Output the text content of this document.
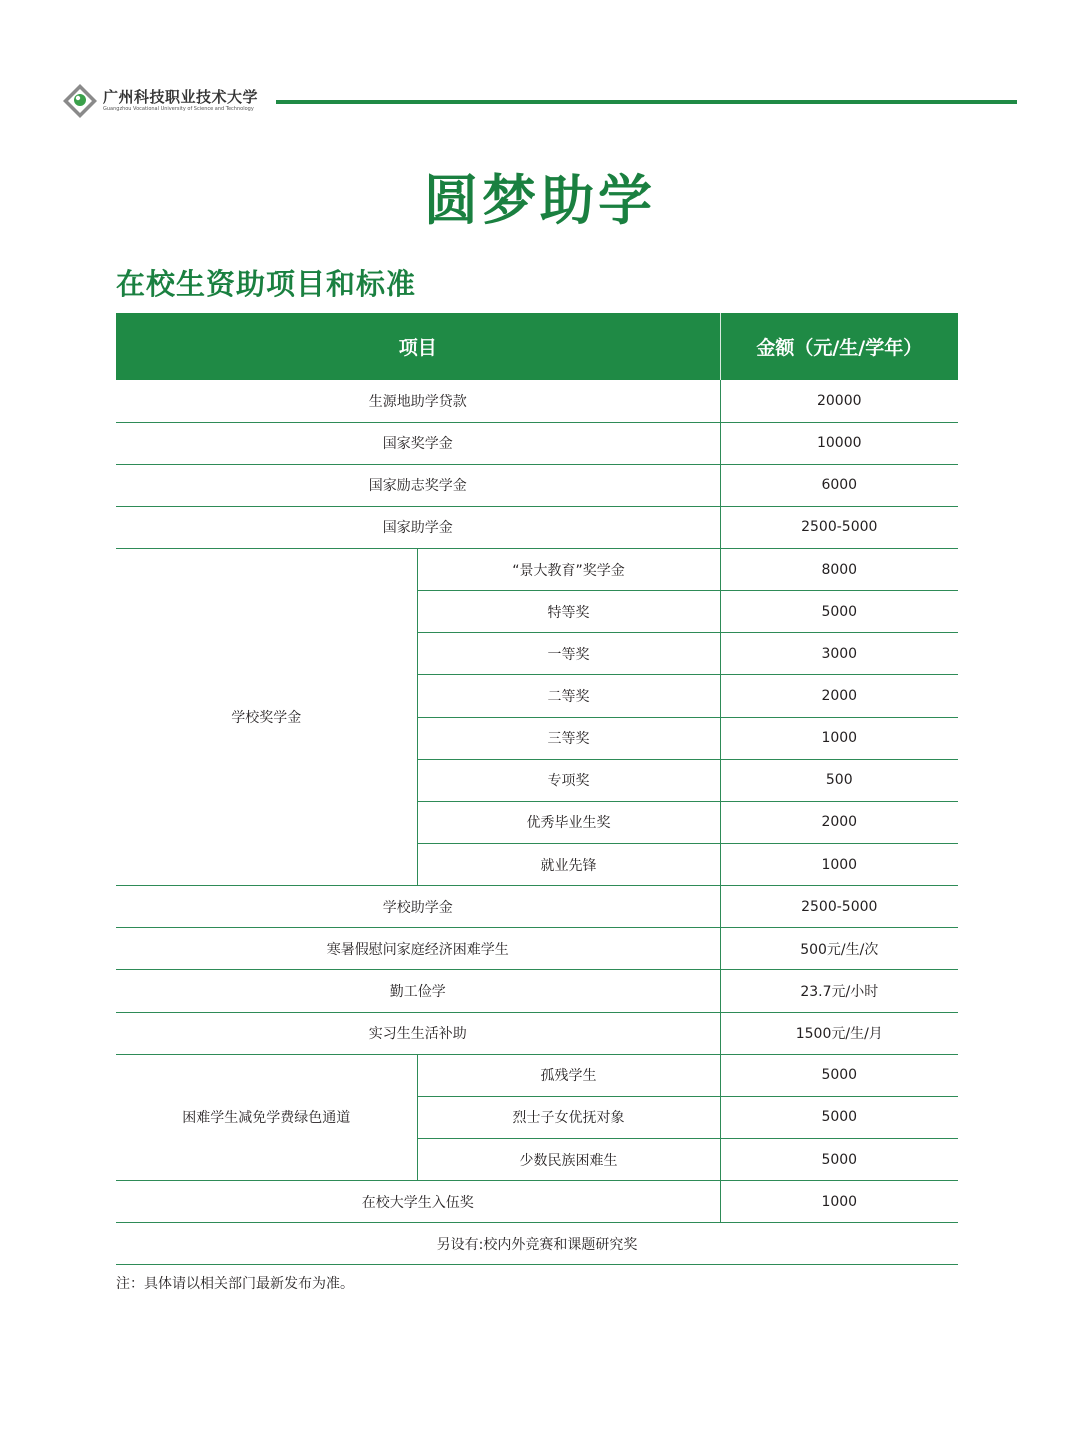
广州科技职业技术大学
Guangzhou Vocational University of Science and Technology
圆梦助学
在校生资助项目和标准
项目		金额（元/生/学年）
生源地助学贷款		20000
国家奖学金		10000
国家励志奖学金		6000
国家助学金		2500-5000
学校奖学金	“景大教育”奖学金	8000
	特等奖	5000
	一等奖	3000
	二等奖	2000
	三等奖	1000
	专项奖	500
	优秀毕业生奖	2000
	就业先锋	1000
学校助学金		2500-5000
寒暑假慰问家庭经济困难学生		500元/生/次
勤工俭学		23.7元/小时
实习生生活补助		1500元/生/月
困难学生减免学费绿色通道	孤残学生	5000
	烈士子女优抚对象	5000
	少数民族困难生	5000
在校大学生入伍奖		1000
另设有:校内外竞赛和课题研究奖		
注：具体请以相关部门最新发布为准。
